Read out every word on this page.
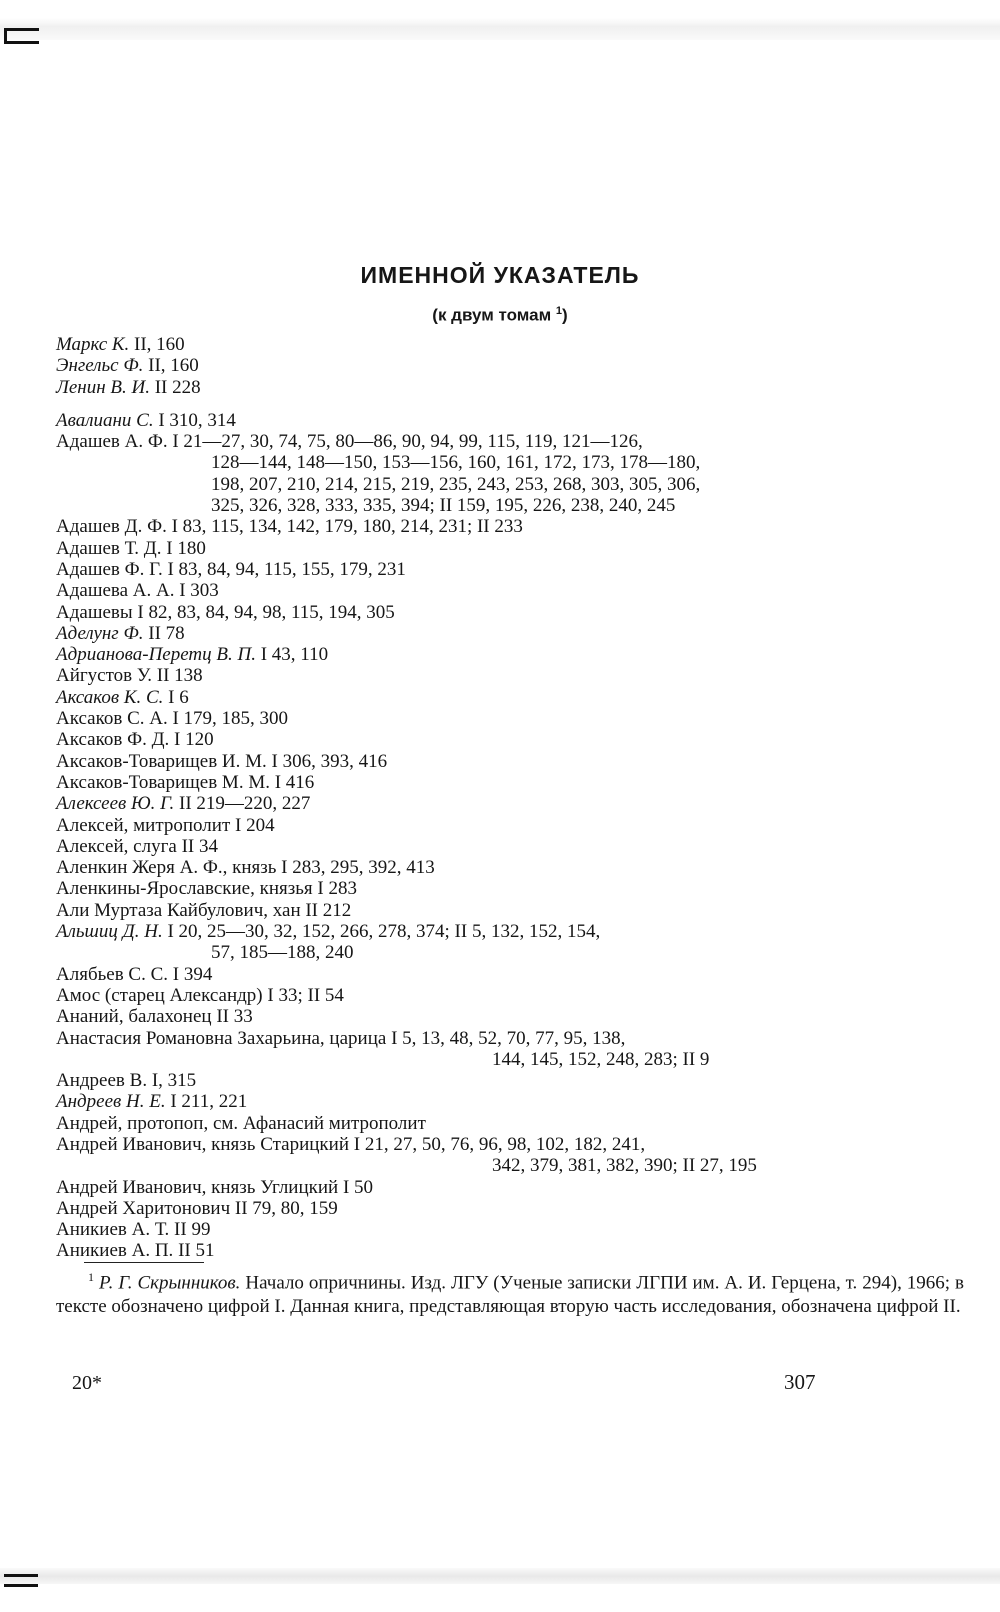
ИМЕННОЙ УКАЗАТЕЛЬ
(к двум томам $^1$)
Маркс К. II, 160
Энгельс Ф. II, 160
Ленин В. И. II 228
Авалиани С. I 310, 314
Адашев А. Ф. I 21—27, 30, 74, 75, 80—86, 90, 94, 99, 115, 119, 121—126,
128—144, 148—150, 153—156, 160, 161, 172, 173, 178—180,
198, 207, 210, 214, 215, 219, 235, 243, 253, 268, 303, 305, 306,
325, 326, 328, 333, 335, 394; II 159, 195, 226, 238, 240, 245
Адашев Д. Ф. I 83, 115, 134, 142, 179, 180, 214, 231; II 233
Адашев Т. Д. I 180
Адашев Ф. Г. I 83, 84, 94, 115, 155, 179, 231
Адашева А. А. I 303
Адашевы I 82, 83, 84, 94, 98, 115, 194, 305
Аделунг Ф. II 78
Адрианова-Перетц В. П. I 43, 110
Айгустов У. II 138
Аксаков К. С. I 6
Аксаков С. А. I 179, 185, 300
Аксаков Ф. Д. I 120
Аксаков-Товарищев И. М. I 306, 393, 416
Аксаков-Товарищев М. М. I 416
Алексеев Ю. Г. II 219—220, 227
Алексей, митрополит I 204
Алексей, слуга II 34
Аленкин Жеря А. Ф., князь I 283, 295, 392, 413
Аленкины-Ярославские, князья I 283
Али Муртаза Кайбулович, хан II 212
Альшиц Д. Н. I 20, 25—30, 32, 152, 266, 278, 374; II 5, 132, 152, 154,
57, 185—188, 240
Алябьев С. С. I 394
Амос (старец Александр) I 33; II 54
Ананий, балахонец II 33
Анастасия Романовна Захарьина, царица I 5, 13, 48, 52, 70, 77, 95, 138,
144, 145, 152, 248, 283; II 9
Андреев В. I, 315
Андреев Н. Е. I 211, 221
Андрей, протопоп, см. Афанасий митрополит
Андрей Иванович, князь Старицкий I 21, 27, 50, 76, 96, 98, 102, 182, 241,
342, 379, 381, 382, 390; II 27, 195
Андрей Иванович, князь Углицкий I 50
Андрей Харитонович II 79, 80, 159
Аникиев А. Т. II 99
Аникиев А. П. II 51
$^1$ Р. Г. Скрынников. Начало опричнины. Изд. ЛГУ (Ученые записки ЛГПИ им. А. И. Герцена, т. 294), 1966; в тексте обозначено цифрой I. Данная книга, представляющая вторую часть исследования, обозначена цифрой II.
20*	307
